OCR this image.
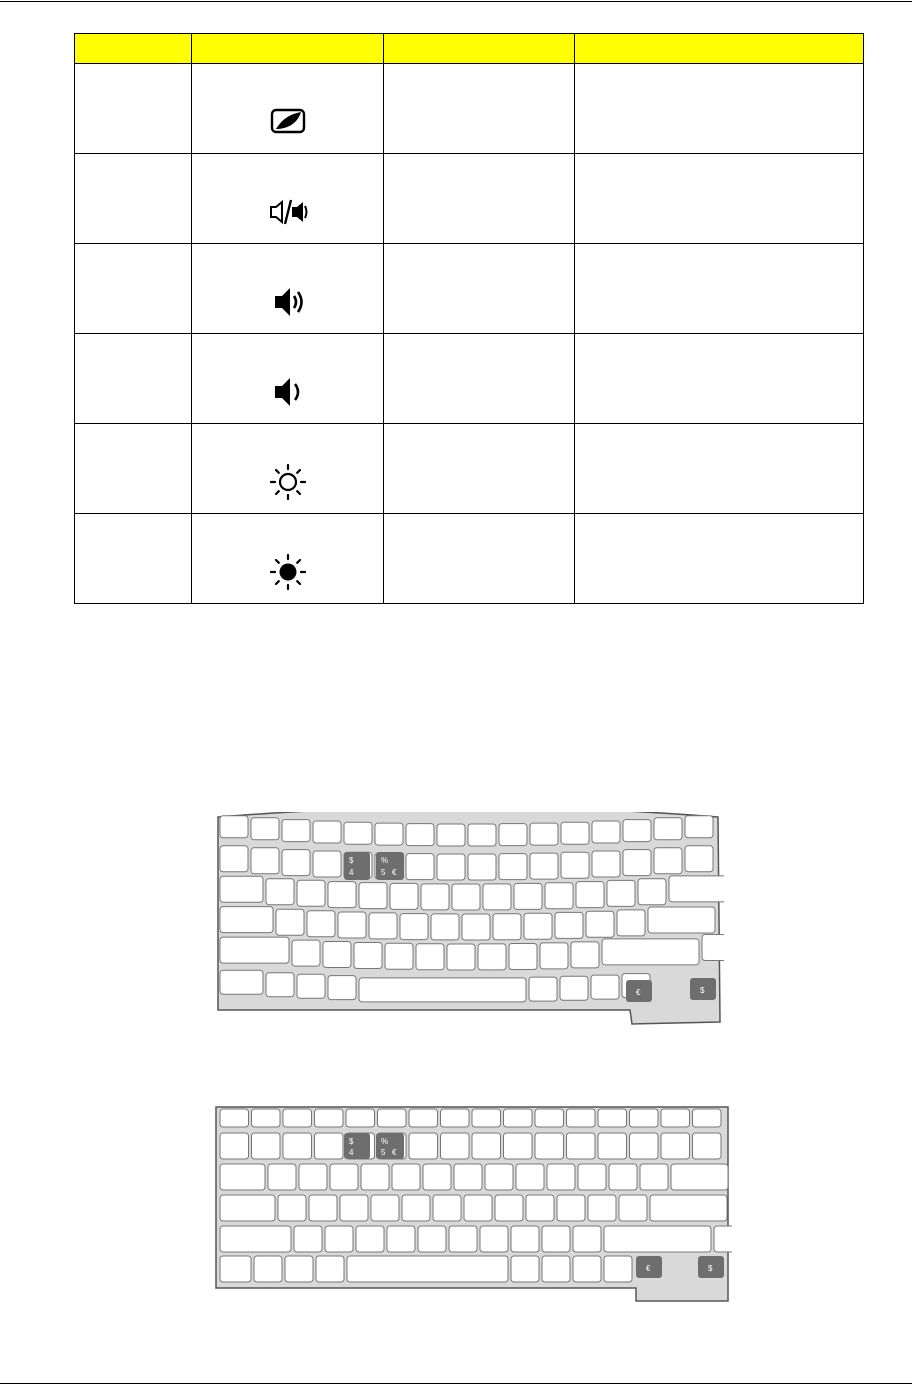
$
4
%
5 €
€	$
$
4
%
5 €
€	$
